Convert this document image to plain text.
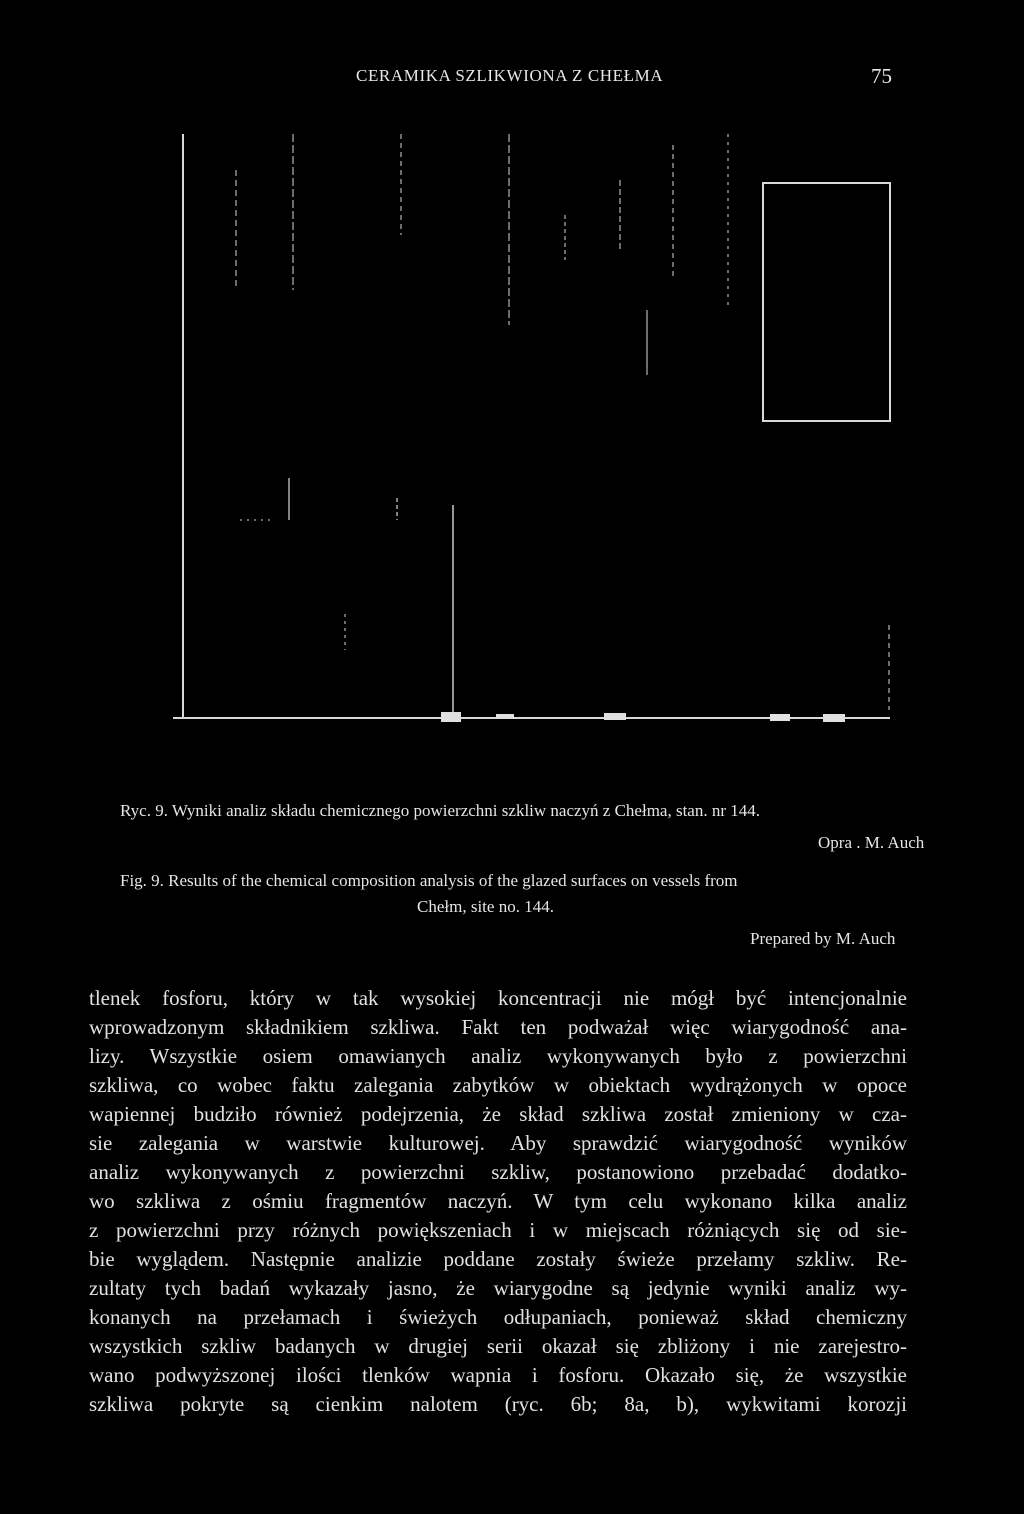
CERAMIKA SZLIKWIONA Z CHEŁMA	75
Ryc. 9. Wyniki analiz składu chemicznego powierzchni szkliw naczyń z Chełma, stan. nr 144.
Opra . M. Auch
Fig. 9. Results of the chemical composition analysis of the glazed surfaces on vessels from
Chełm, site no. 144.
Prepared by M. Auch
tlenek fosforu, który w tak wysokiej koncentracji nie mógł być intencjonalnie
wprowadzonym składnikiem szkliwa. Fakt ten podważał więc wiarygodność ana-
lizy. Wszystkie osiem omawianych analiz wykonywanych było z powierzchni
szkliwa, co wobec faktu zalegania zabytków w obiektach wydrążonych w opoce
wapiennej budziło również podejrzenia, że skład szkliwa został zmieniony w cza-
sie zalegania w warstwie kulturowej. Aby sprawdzić wiarygodność wyników
analiz wykonywanych z powierzchni szkliw, postanowiono przebadać dodatko-
wo szkliwa z ośmiu fragmentów naczyń. W tym celu wykonano kilka analiz
z powierzchni przy różnych powiększeniach i w miejscach różniących się od sie-
bie wyglądem. Następnie analizie poddane zostały świeże przełamy szkliw. Re-
zultaty tych badań wykazały jasno, że wiarygodne są jedynie wyniki analiz wy-
konanych na przełamach i świeżych odłupaniach, ponieważ skład chemiczny
wszystkich szkliw badanych w drugiej serii okazał się zbliżony i nie zarejestro-
wano podwyższonej ilości tlenków wapnia i fosforu. Okazało się, że wszystkie
szkliwa pokryte są cienkim nalotem (ryc. 6b; 8a, b), wykwitami korozji
